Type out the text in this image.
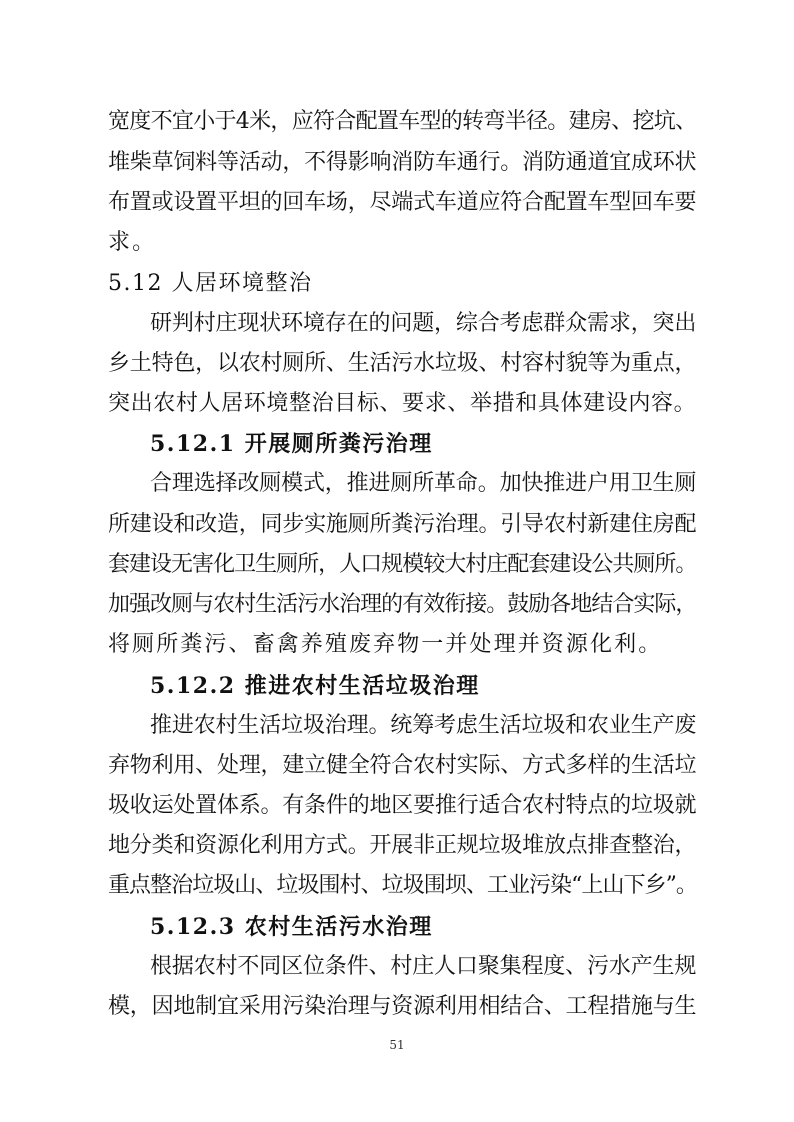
宽度不宜小于4米，应符合配置车型的转弯半径。建房、挖坑、
堆柴草饲料等活动，不得影响消防车通行。消防通道宜成环状
布置或设置平坦的回车场，尽端式车道应符合配置车型回车要
求。
5.12 人居环境整治
研判村庄现状环境存在的问题，综合考虑群众需求，突出
乡土特色，以农村厕所、生活污水垃圾、村容村貌等为重点，
突出农村人居环境整治目标、要求、举措和具体建设内容。
5.12.1 开展厕所粪污治理
合理选择改厕模式，推进厕所革命。加快推进户用卫生厕
所建设和改造，同步实施厕所粪污治理。引导农村新建住房配
套建设无害化卫生厕所，人口规模较大村庄配套建设公共厕所。
加强改厕与农村生活污水治理的有效衔接。鼓励各地结合实际，
将厕所粪污、畜禽养殖废弃物一并处理并资源化利。
5.12.2 推进农村生活垃圾治理
推进农村生活垃圾治理。统筹考虑生活垃圾和农业生产废
弃物利用、处理，建立健全符合农村实际、方式多样的生活垃
圾收运处置体系。有条件的地区要推行适合农村特点的垃圾就
地分类和资源化利用方式。开展非正规垃圾堆放点排查整治，
重点整治垃圾山、垃圾围村、垃圾围坝、工业污染“上山下乡”。
5.12.3 农村生活污水治理
根据农村不同区位条件、村庄人口聚集程度、污水产生规
模，因地制宜采用污染治理与资源利用相结合、工程措施与生
51
